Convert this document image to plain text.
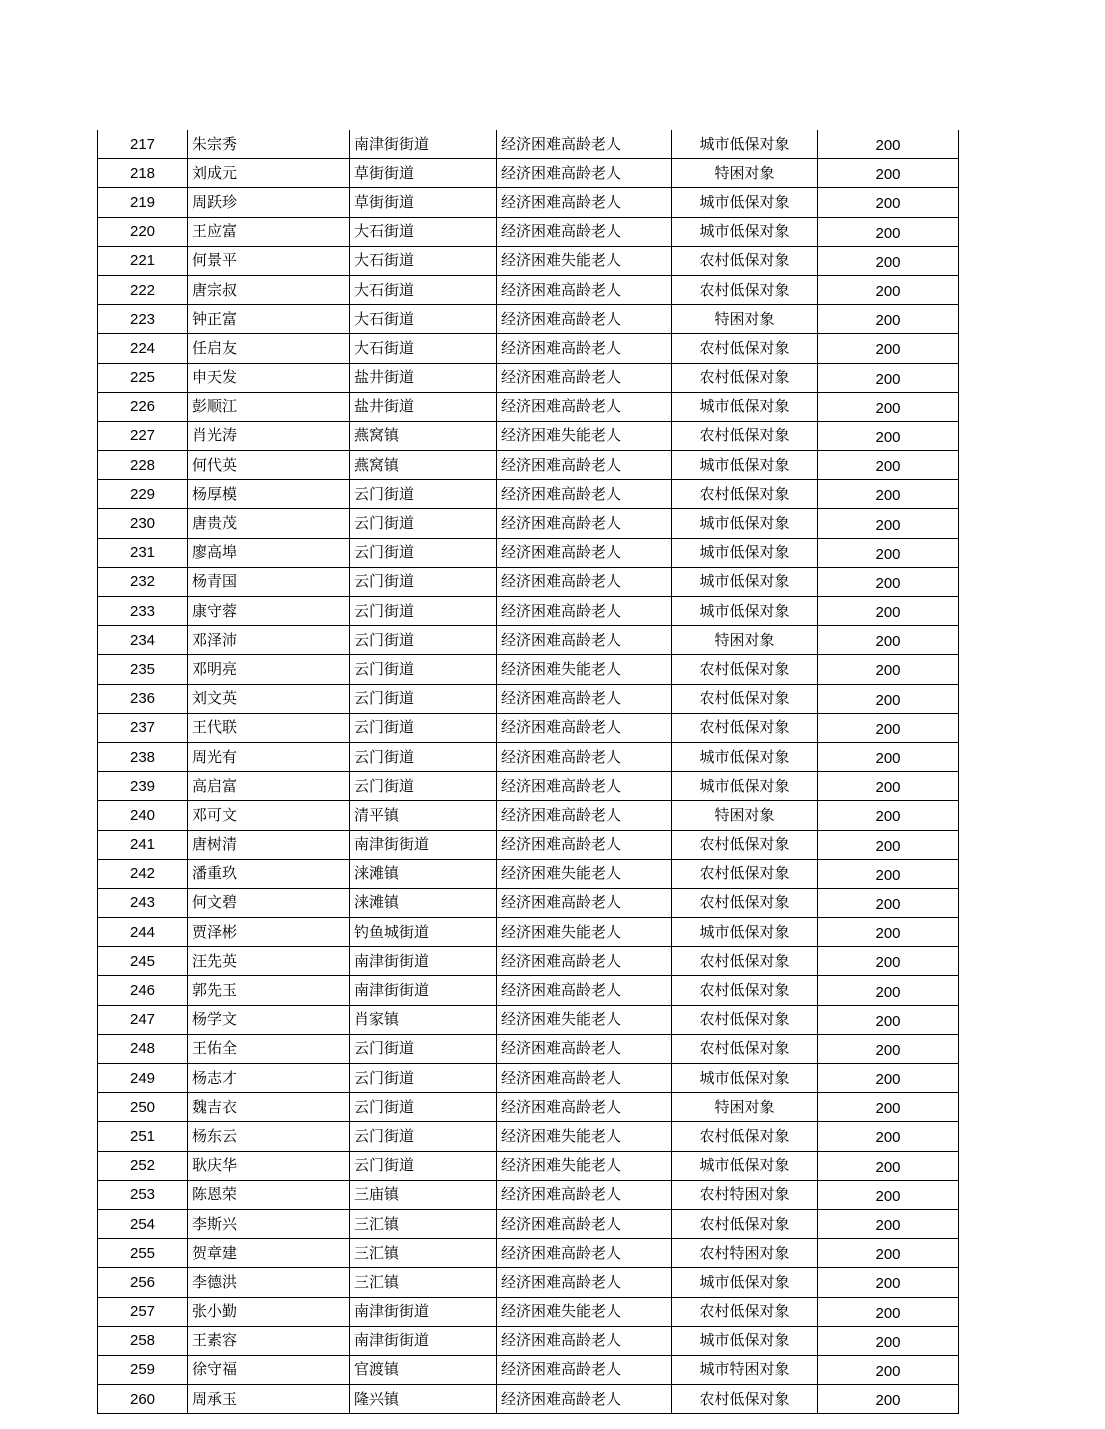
217	朱宗秀	南津街街道	经济困难高龄老人	城市低保对象	200
218	刘成元	草街街道	经济困难高龄老人	特困对象	200
219	周跃珍	草街街道	经济困难高龄老人	城市低保对象	200
220	王应富	大石街道	经济困难高龄老人	城市低保对象	200
221	何景平	大石街道	经济困难失能老人	农村低保对象	200
222	唐宗叔	大石街道	经济困难高龄老人	农村低保对象	200
223	钟正富	大石街道	经济困难高龄老人	特困对象	200
224	任启友	大石街道	经济困难高龄老人	农村低保对象	200
225	申天发	盐井街道	经济困难高龄老人	农村低保对象	200
226	彭顺江	盐井街道	经济困难高龄老人	城市低保对象	200
227	肖光涛	燕窝镇	经济困难失能老人	农村低保对象	200
228	何代英	燕窝镇	经济困难高龄老人	城市低保对象	200
229	杨厚模	云门街道	经济困难高龄老人	农村低保对象	200
230	唐贵茂	云门街道	经济困难高龄老人	城市低保对象	200
231	廖高埠	云门街道	经济困难高龄老人	城市低保对象	200
232	杨青国	云门街道	经济困难高龄老人	城市低保对象	200
233	康守蓉	云门街道	经济困难高龄老人	城市低保对象	200
234	邓泽沛	云门街道	经济困难高龄老人	特困对象	200
235	邓明亮	云门街道	经济困难失能老人	农村低保对象	200
236	刘文英	云门街道	经济困难高龄老人	农村低保对象	200
237	王代联	云门街道	经济困难高龄老人	农村低保对象	200
238	周光有	云门街道	经济困难高龄老人	城市低保对象	200
239	高启富	云门街道	经济困难高龄老人	城市低保对象	200
240	邓可文	清平镇	经济困难高龄老人	特困对象	200
241	唐树清	南津街街道	经济困难高龄老人	农村低保对象	200
242	潘重玖	涞滩镇	经济困难失能老人	农村低保对象	200
243	何文碧	涞滩镇	经济困难高龄老人	农村低保对象	200
244	贾泽彬	钓鱼城街道	经济困难失能老人	城市低保对象	200
245	汪先英	南津街街道	经济困难高龄老人	农村低保对象	200
246	郭先玉	南津街街道	经济困难高龄老人	农村低保对象	200
247	杨学文	肖家镇	经济困难失能老人	农村低保对象	200
248	王佑全	云门街道	经济困难高龄老人	农村低保对象	200
249	杨志才	云门街道	经济困难高龄老人	城市低保对象	200
250	魏吉衣	云门街道	经济困难高龄老人	特困对象	200
251	杨东云	云门街道	经济困难失能老人	农村低保对象	200
252	耿庆华	云门街道	经济困难失能老人	城市低保对象	200
253	陈恩荣	三庙镇	经济困难高龄老人	农村特困对象	200
254	李斯兴	三汇镇	经济困难高龄老人	农村低保对象	200
255	贺章建	三汇镇	经济困难高龄老人	农村特困对象	200
256	李德洪	三汇镇	经济困难高龄老人	城市低保对象	200
257	张小勤	南津街街道	经济困难失能老人	农村低保对象	200
258	王素容	南津街街道	经济困难高龄老人	城市低保对象	200
259	徐守福	官渡镇	经济困难高龄老人	城市特困对象	200
260	周承玉	隆兴镇	经济困难高龄老人	农村低保对象	200
